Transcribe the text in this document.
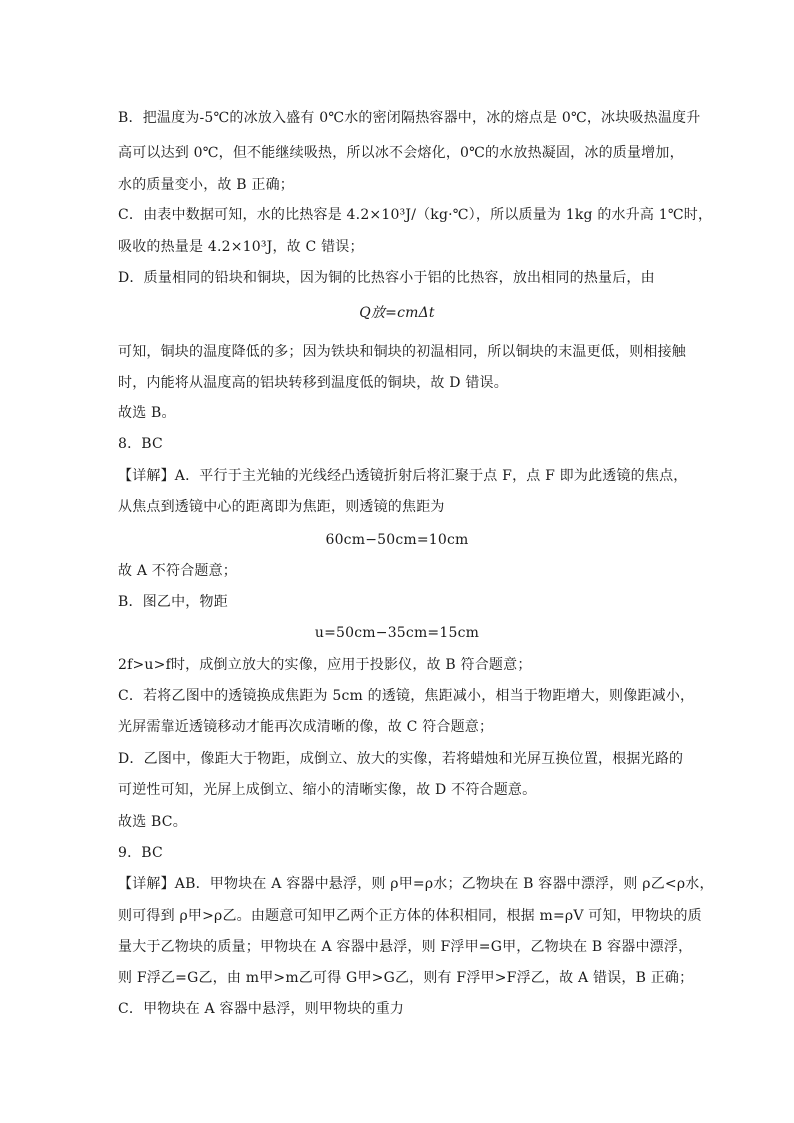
B．把温度为-5℃的冰放入盛有 0℃水的密闭隔热容器中，冰的熔点是 0℃，冰块吸热温度升
高可以达到 0℃，但不能继续吸热，所以冰不会熔化，0℃的水放热凝固，冰的质量增加，
水的质量变小，故 B 正确；
C．由表中数据可知，水的比热容是 4.2×10³J/（kg·℃），所以质量为 1kg 的水升高 1℃时，
吸收的热量是 4.2×10³J，故 C 错误；
D．质量相同的铅块和铜块，因为铜的比热容小于铝的比热容，放出相同的热量后，由
Q放=cmΔt
可知，铜块的温度降低的多；因为铁块和铜块的初温相同，所以铜块的末温更低，则相接触
时，内能将从温度高的铝块转移到温度低的铜块，故 D 错误。
故选 B。
8．BC
【详解】A．平行于主光轴的光线经凸透镜折射后将汇聚于点 F，点 F 即为此透镜的焦点，
从焦点到透镜中心的距离即为焦距，则透镜的焦距为
60cm−50cm=10cm
故 A 不符合题意；
B．图乙中，物距
u=50cm−35cm=15cm
2f>u>f时，成倒立放大的实像，应用于投影仪，故 B 符合题意；
C．若将乙图中的透镜换成焦距为 5cm 的透镜，焦距减小，相当于物距增大，则像距减小，
光屏需靠近透镜移动才能再次成清晰的像，故 C 符合题意；
D．乙图中，像距大于物距，成倒立、放大的实像，若将蜡烛和光屏互换位置，根据光路的
可逆性可知，光屏上成倒立、缩小的清晰实像，故 D 不符合题意。
故选 BC。
9．BC
【详解】AB．甲物块在 A 容器中悬浮，则 ρ甲=ρ水；乙物块在 B 容器中漂浮，则 ρ乙<ρ水，
则可得到 ρ甲>ρ乙。由题意可知甲乙两个正方体的体积相同，根据 m=ρV 可知，甲物块的质
量大于乙物块的质量；甲物块在 A 容器中悬浮，则 F浮甲=G甲，乙物块在 B 容器中漂浮，
则 F浮乙=G乙，由 m甲>m乙可得 G甲>G乙，则有 F浮甲>F浮乙，故 A 错误，B 正确；
C．甲物块在 A 容器中悬浮，则甲物块的重力
